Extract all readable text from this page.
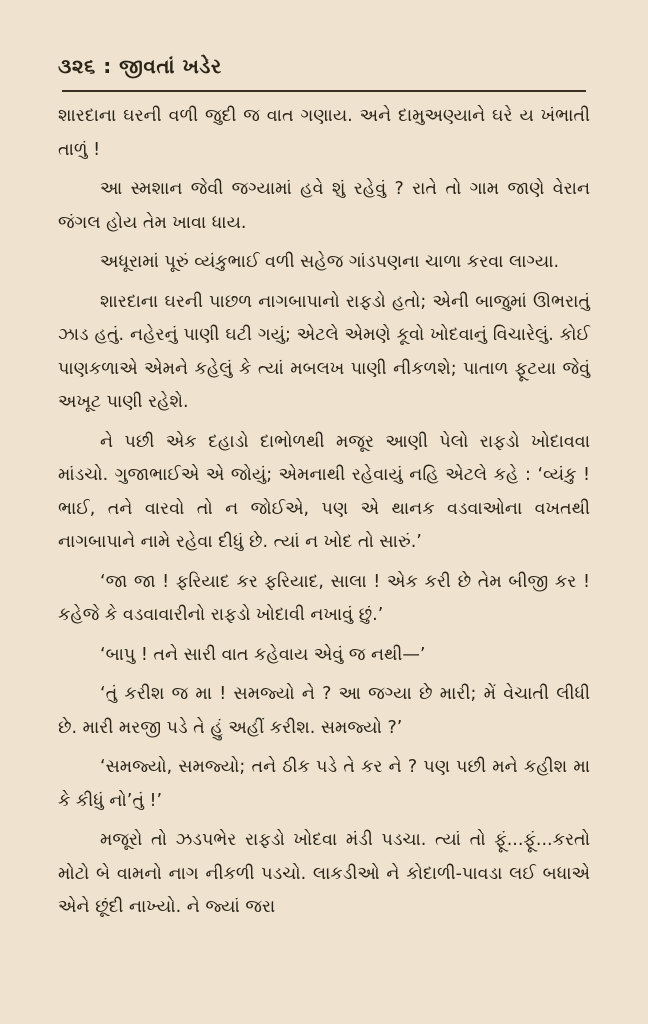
૩૨૬ : જીવતાં ખડેર

શારદાના ઘરની વળી જુદી જ વાત ગણાય. અને દામુઅણ્યાને ઘરે ય ખંભાતી તાળું !

આ સ્મશાન જેવી જગ્યામાં હવે શું રહેવું ? રાતે તો ગામ જાણે વેરાન જંગલ હોય તેમ ખાવા ધાય.

અધૂરામાં પૂરું વ્યંકુભાઈ વળી સહેજ ગાંડપણના ચાળા કરવા લાગ્યા.

શારદાના ઘરની પાછળ નાગબાપાનો રાફડો હતો; એની બાજુમાં ઊભરાતું ઝાડ હતું. નહેરનું પાણી ઘટી ગયું; એટલે એમણે કૂવો ખોદવાનું વિચારેલું. કોઈ પાણકળાએ એમને કહેલું કે ત્યાં મબલખ પાણી નીકળશે; પાતાળ ફૂટયા જેવું અખૂટ પાણી રહેશે.

ને પછી એક દહાડો દાભોળથી મજૂર આણી પેલો રાફડો ખોદાવવા માંડચો. ગુજાભાઈએ એ જોયું; એમનાથી રહેવાયું નહિ એટલે કહે : ‘વ્યંકુ ! ભાઈ, તને વારવો તો ન જોઈએ, પણ એ થાનક વડવાઓના વખતથી નાગબાપાને નામે રહેવા દીધું છે. ત્યાં ન ખોદ તો સારું.’

‘જા જા ! ફરિયાદ કર ફરિયાદ, સાલા ! એક કરી છે તેમ બીજી કર ! કહેજે કે વડવાવારીનો રાફડો ખોદાવી નખાવું છું.’

‘બાપુ ! તને સારી વાત કહેવાય એવું જ નથી—’

‘તું કરીશ જ મા ! સમજ્યો ને ? આ જગ્યા છે મારી; મેં વેચાતી લીધી છે. મારી મરજી પડે તે હું અહીં કરીશ. સમજ્યો ?’

‘સમજ્યો, સમજ્યો; તને ઠીક પડે તે કર ને ? પણ પછી મને કહીશ મા કે કીધું નો’તું !’

મજૂરો તો ઝડપભેર રાફડો ખોદવા મંડી પડચા. ત્યાં તો ફૂં...ફૂં...કરતો મોટો બે વામનો નાગ નીકળી પડચો. લાકડીઓ ને કોદાળી-પાવડા લઈ બધાએ એને છૂંદી નાખ્યો. ને જ્યાં જરા
